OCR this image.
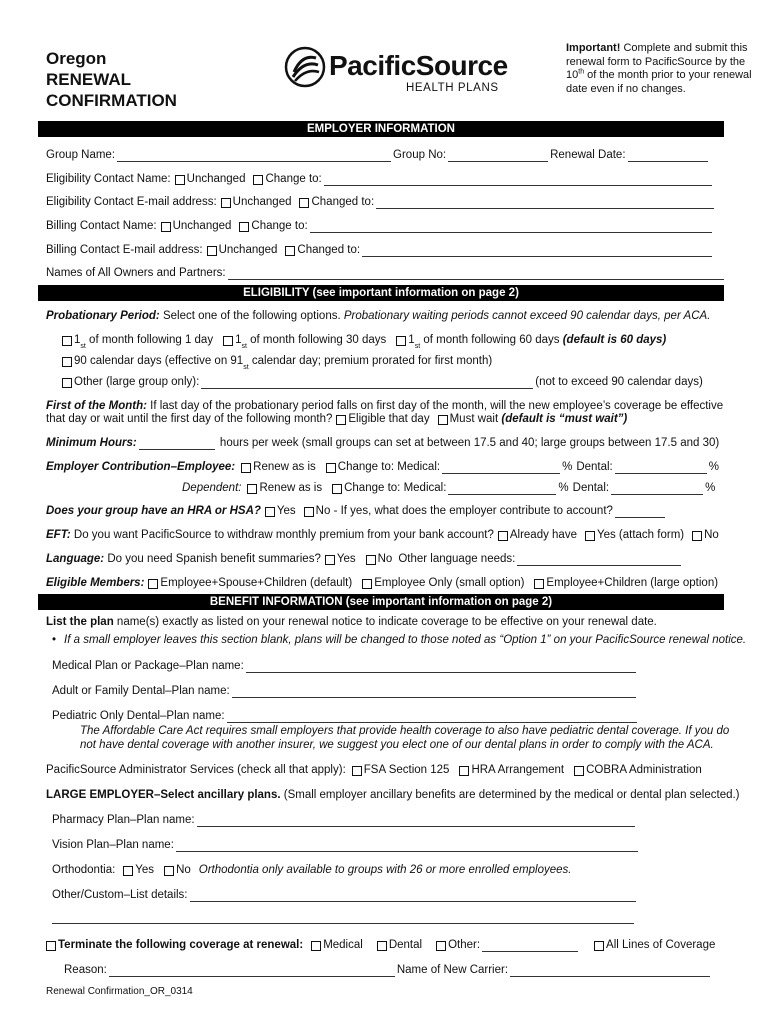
Oregon
RENEWAL
CONFIRMATION
PacificSource
HEALTH PLANS
Important! Complete and submit this renewal form to PacificSource by the 10th of the month prior to your renewal date even if no changes.
EMPLOYER INFORMATION
Group Name:	Group No:	Renewal Date:
Eligibility Contact Name: Unchanged Change to:
Eligibility Contact E-mail address: Unchanged Changed to:
Billing Contact Name: Unchanged Change to:
Billing Contact E-mail address: Unchanged Changed to:
Names of All Owners and Partners:
ELIGIBILITY (see important information on page 2)
Probationary Period: Select one of the following options. Probationary waiting periods cannot exceed 90 calendar days, per ACA.
1
st
of month following 1 day 1
st
of month following 30 days 1
st
of month following 60 days (default is 60 days)
90 calendar days (effective on 91
st
calendar day; premium prorated for first month)
Other (large group only):	(not to exceed 90 calendar days)
First of the Month: If last day of the probationary period falls on first day of the month, will the new employee’s coverage be effective
that day or wait until the first day of the following month? Eligible that day Must wait (default is “must wait”)
Minimum Hours:	hours per week (small groups can set at between 17.5 and 40; large groups between 17.5 and 30)
Employer Contribution–Employee: Renew as is Change to: Medical:	% Dental:	%
Dependent: Renew as is Change to: Medical:	% Dental:	%
Does your group have an HRA or HSA? Yes No - If yes, what does the employer contribute to account?
EFT: Do you want PacificSource to withdraw monthly premium from your bank account? Already have Yes (attach form) No
Language: Do you need Spanish benefit summaries? Yes No Other language needs:
Eligible Members: Employee+Spouse+Children (default) Employee Only (small option) Employee+Children (large option)
BENEFIT INFORMATION (see important information on page 2)
List the plan name(s) exactly as listed on your renewal notice to indicate coverage to be effective on your renewal date.
• If a small employer leaves this section blank, plans will be changed to those noted as “Option 1” on your PacificSource renewal notice.
Medical Plan or Package–Plan name:
Adult or Family Dental–Plan name:
Pediatric Only Dental–Plan name:
The Affordable Care Act requires small employers that provide health coverage to also have pediatric dental coverage. If you do not have dental coverage with another insurer, we suggest you elect one of our dental plans in order to comply with the ACA.
PacificSource Administrator Services (check all that apply): FSA Section 125 HRA Arrangement COBRA Administration
LARGE EMPLOYER–Select ancillary plans. (Small employer ancillary benefits are determined by the medical or dental plan selected.)
Pharmacy Plan–Plan name:
Vision Plan–Plan name:
Orthodontia: Yes No Orthodontia only available to groups with 26 or more enrolled employees.
Other/Custom–List details:
Terminate the following coverage at renewal: Medical Dental Other:	All Lines of Coverage
Reason:	Name of New Carrier:
Renewal Confirmation_OR_0314
